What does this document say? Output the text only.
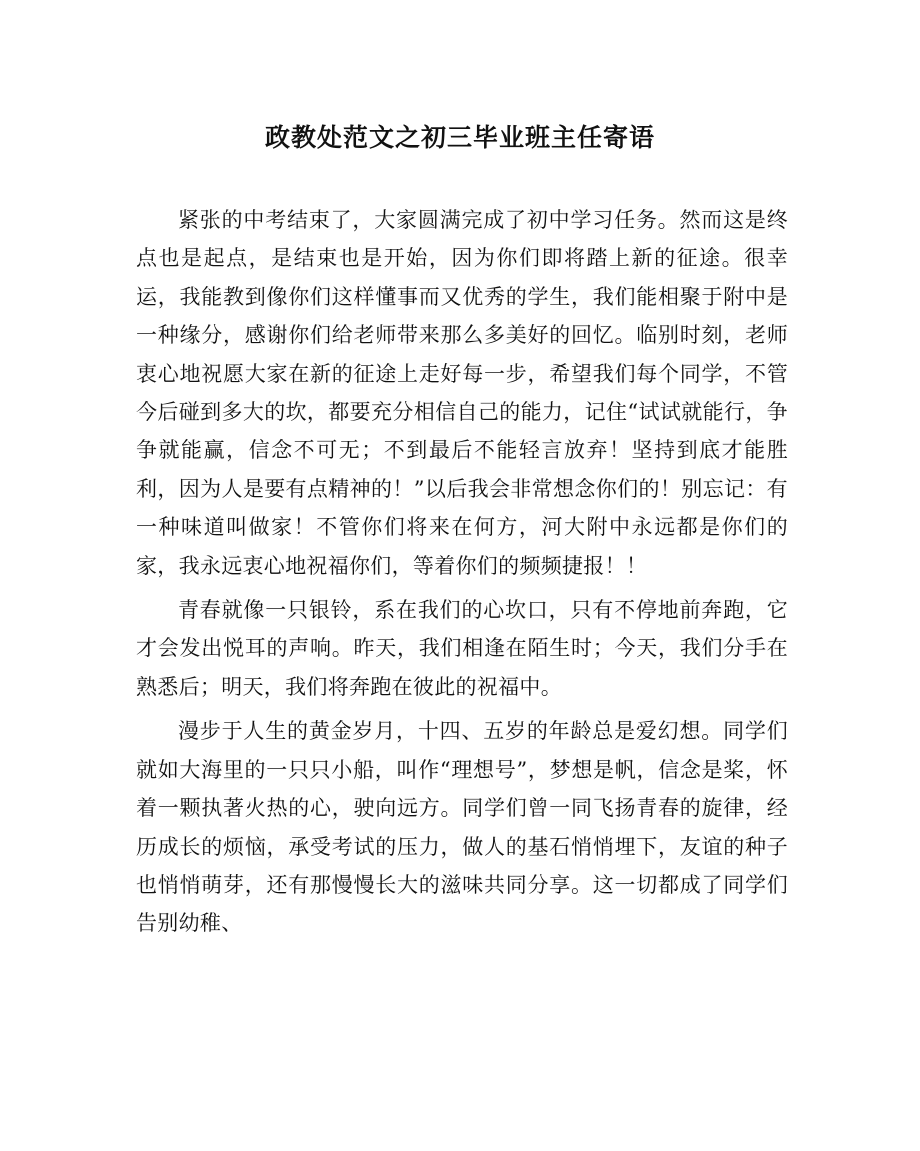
政教处范文之初三毕业班主任寄语

紧张的中考结束了，大家圆满完成了初中学习任务。然而这是终点也是起点，是结束也是开始，因为你们即将踏上新的征途。很幸运，我能教到像你们这样懂事而又优秀的学生，我们能相聚于附中是一种缘分，感谢你们给老师带来那么多美好的回忆。临别时刻，老师衷心地祝愿大家在新的征途上走好每一步，希望我们每个同学，不管今后碰到多大的坎，都要充分相信自己的能力，记住“试试就能行，争争就能赢，信念不可无；不到最后不能轻言放弃！坚持到底才能胜利，因为人是要有点精神的！”以后我会非常想念你们的！别忘记：有一种味道叫做家！不管你们将来在何方，河大附中永远都是你们的家，我永远衷心地祝福你们，等着你们的频频捷报！！

青春就像一只银铃，系在我们的心坎口，只有不停地前奔跑，它才会发出悦耳的声响。昨天，我们相逢在陌生时；今天，我们分手在熟悉后；明天，我们将奔跑在彼此的祝福中。

漫步于人生的黄金岁月，十四、五岁的年龄总是爱幻想。同学们就如大海里的一只只小船，叫作“理想号”，梦想是帆，信念是桨，怀着一颗执著火热的心，驶向远方。同学们曾一同飞扬青春的旋律，经历成长的烦恼，承受考试的压力，做人的基石悄悄埋下，友谊的种子也悄悄萌芽，还有那慢慢长大的滋味共同分享。这一切都成了同学们告别幼稚、
